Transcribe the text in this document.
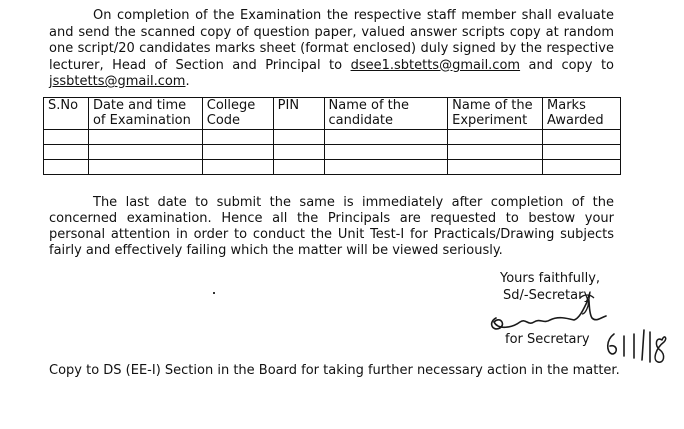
On completion of the Examination the respective staff member shall evaluate and send the scanned copy of question paper, valued answer scripts copy at random one script/20 candidates marks sheet (format enclosed) duly signed by the respective lecturer, Head of Section and Principal to dsee1.sbtetts@gmail.com and copy to jssbtetts@gmail.com.
S.No	Date and time of Examination	College Code	PIN	Name of the candidate	Name of the Experiment	Marks Awarded

The last date to submit the same is immediately after completion of the concerned examination. Hence all the Principals are requested to bestow your personal attention in order to conduct the Unit Test-I for Practicals/Drawing subjects fairly and effectively failing which the matter will be viewed seriously.
Yours faithfully,
Sd/-Secretary
for Secretary
Copy to DS (EE-I) Section in the Board for taking further necessary action in the matter.
